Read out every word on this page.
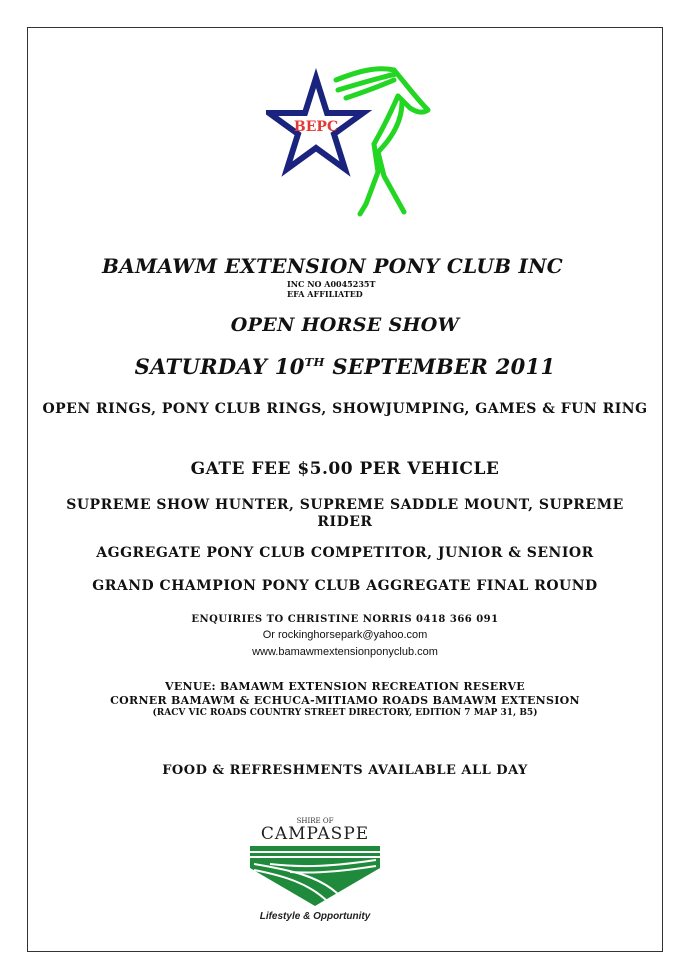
BEPC
BAMAWM EXTENSION PONY CLUB INC
INC NO A0045235T
EFA AFFILIATED
OPEN HORSE SHOW
SATURDAY 10TH SEPTEMBER 2011
OPEN RINGS, PONY CLUB RINGS, SHOWJUMPING, GAMES & FUN RING
GATE FEE $5.00 PER VEHICLE
SUPREME SHOW HUNTER, SUPREME SADDLE MOUNT, SUPREME RIDER
AGGREGATE PONY CLUB COMPETITOR, JUNIOR & SENIOR
GRAND CHAMPION PONY CLUB AGGREGATE FINAL ROUND
ENQUIRIES TO CHRISTINE NORRIS 0418 366 091
Or rockinghorsepark@yahoo.com
www.bamawmextensionponyclub.com
VENUE: BAMAWM EXTENSION RECREATION RESERVE
CORNER BAMAWM & ECHUCA-MITIAMO ROADS BAMAWM EXTENSION
(RACV VIC ROADS COUNTRY STREET DIRECTORY, EDITION 7 MAP 31, B5)
FOOD & REFRESHMENTS AVAILABLE ALL DAY
SHIRE OF
CAMPASPE
Lifestyle & Opportunity
